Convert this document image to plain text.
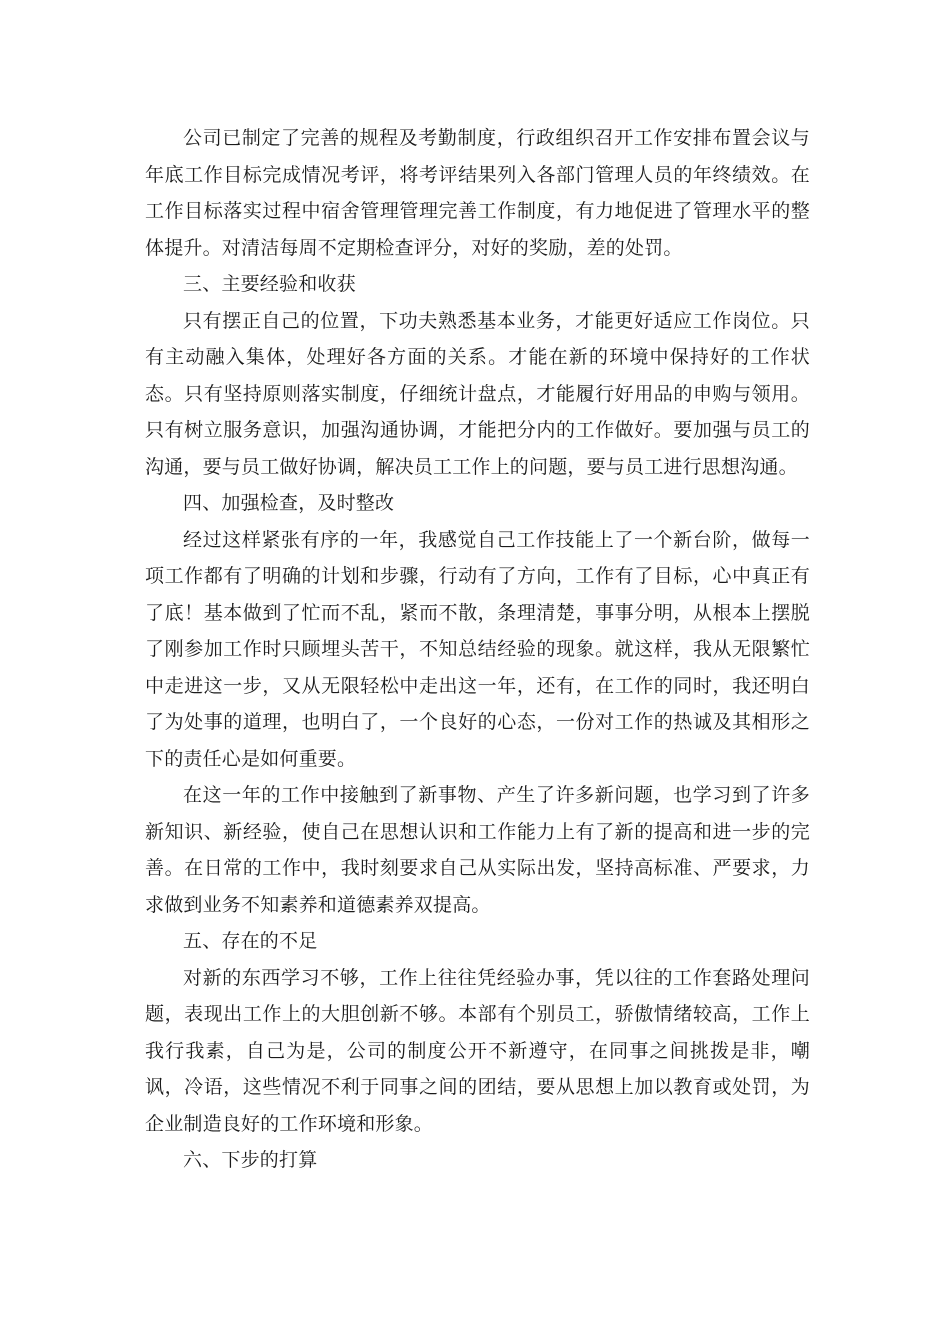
公司已制定了完善的规程及考勤制度，行政组织召开工作安排布置会议与年底工作目标完成情况考评，将考评结果列入各部门管理人员的年终绩效。在工作目标落实过程中宿舍管理管理完善工作制度，有力地促进了管理水平的整体提升。对清洁每周不定期检查评分，对好的奖励，差的处罚。

三、主要经验和收获

只有摆正自己的位置，下功夫熟悉基本业务，才能更好适应工作岗位。只有主动融入集体，处理好各方面的关系。才能在新的环境中保持好的工作状态。只有坚持原则落实制度，仔细统计盘点，才能履行好用品的申购与领用。只有树立服务意识，加强沟通协调，才能把分内的工作做好。要加强与员工的沟通，要与员工做好协调，解决员工工作上的问题，要与员工进行思想沟通。

四、加强检查，及时整改

经过这样紧张有序的一年，我感觉自己工作技能上了一个新台阶，做每一项工作都有了明确的计划和步骤，行动有了方向，工作有了目标，心中真正有了底！基本做到了忙而不乱，紧而不散，条理清楚，事事分明，从根本上摆脱了刚参加工作时只顾埋头苦干，不知总结经验的现象。就这样，我从无限繁忙中走进这一步，又从无限轻松中走出这一年，还有，在工作的同时，我还明白了为处事的道理，也明白了，一个良好的心态，一份对工作的热诚及其相形之下的责任心是如何重要。

在这一年的工作中接触到了新事物、产生了许多新问题，也学习到了许多新知识、新经验，使自己在思想认识和工作能力上有了新的提高和进一步的完善。在日常的工作中，我时刻要求自己从实际出发，坚持高标准、严要求，力求做到业务不知素养和道德素养双提高。

五、存在的不足

对新的东西学习不够，工作上往往凭经验办事，凭以往的工作套路处理问题，表现出工作上的大胆创新不够。本部有个别员工，骄傲情绪较高，工作上我行我素，自己为是，公司的制度公开不新遵守，在同事之间挑拨是非，嘲讽，冷语，这些情况不利于同事之间的团结，要从思想上加以教育或处罚，为企业制造良好的工作环境和形象。

六、下步的打算
